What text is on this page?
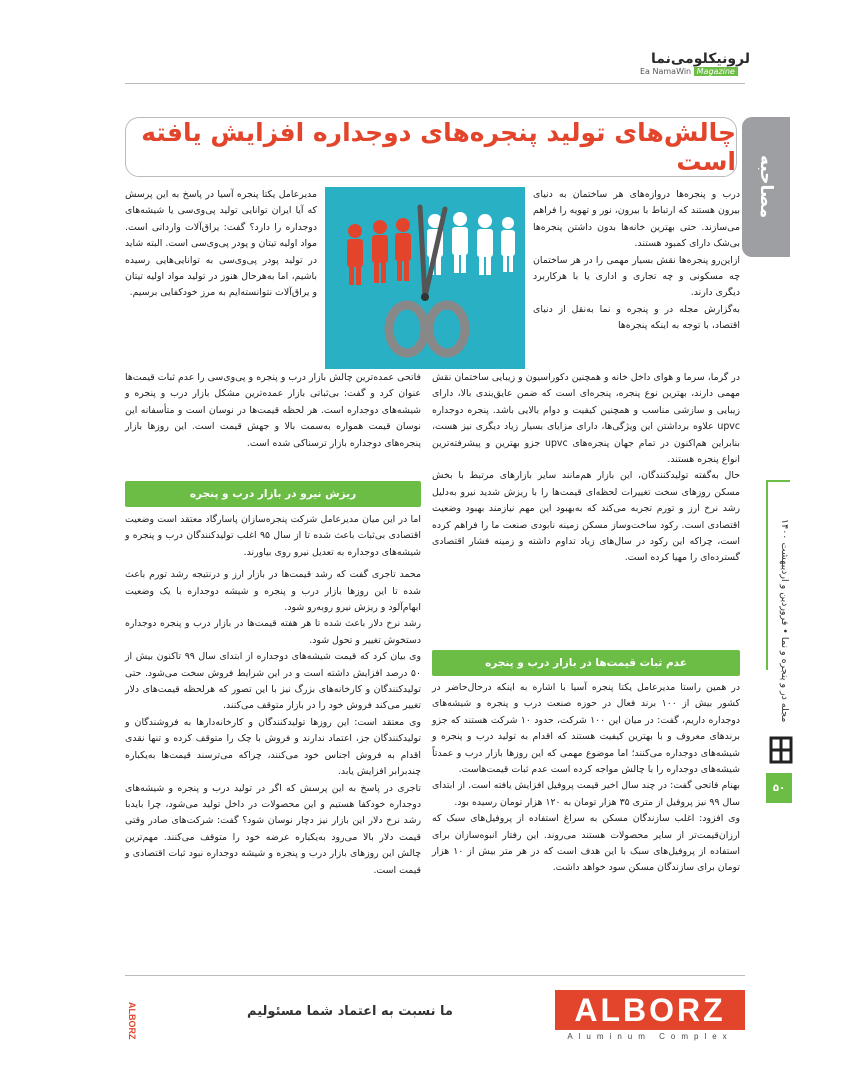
لرونیکلومی‌نما
Ea NamaWin Magazine
مصاحبه
چالش‌های تولید پنجره‌های دوجداره افزایش یافته است

درب و پنجره‌ها دروازه‌های هر ساختمان به دنیای بیرون هستند که ارتباط با بیرون، نور و تهویه را فراهم می‌سازند. حتی بهترین خانه‌ها بدون داشتن پنجره‌ها بی‌شک دارای کمبود هستند.

ازاین‌رو پنجره‌ها نقش بسیار مهمی را در هر ساختمان چه مسکونی و چه تجاری و اداری یا با هرکاربرد دیگری دارند.

به‌گزارش مجله در و پنجره و نما به‌نقل از دنیای اقتصاد، با توجه به اینکه پنجره‌ها

مدیرعامل یکتا پنجره آسیا در پاسخ به این پرسش که آیا ایران توانایی تولید پی‌وی‌سی یا شیشه‌های دوجداره را دارد؟ گفت: یراق‌آلات وارداتی است. مواد اولیه تیتان و پودر پی‌وی‌سی است. البته شاید در تولید پودر پی‌وی‌سی به توانایی‌هایی رسیده باشیم، اما به‌هرحال هنوز در تولید مواد اولیه تیتان و یراق‌آلات نتوانسته‌ایم به مرز خودکفایی برسیم.

در گرما، سرما و هوای داخل خانه و همچنین دکوراسیون و زیبایی ساختمان نقش مهمی دارند، بهترین نوع پنجره، پنجره‌ای است که ضمن عایق‌بندی بالا، دارای زیبایی و سازشی مناسب و همچنین کیفیت و دوام بالایی باشد. پنجره دوجداره upvc علاوه برداشتن این ویژگی‌ها، دارای مزایای بسیار زیاد دیگری نیز هست، بنابراین هم‌اکنون در تمام جهان پنجره‌های upvc جزو بهترین و پیشرفته‌ترین انواع پنجره هستند.

حال به‌گفته تولیدکنندگان، این بازار هم‌مانند سایر بازارهای مرتبط با بخش مسکن روزهای سخت تغییرات لحظه‌ای قیمت‌ها را با ریزش شدید نیرو به‌دلیل رشد نرخ ارز و تورم تجربه می‌کند که به‌بهبود این مهم نیازمند بهبود وضعیت اقتصادی است. رکود ساخت‌وساز مسکن زمینه نابودی صنعت ما را فراهم کرده است، چراکه این رکود در سال‌های زیاد تداوم داشته و زمینه فشار اقتصادی گسترده‌ای را مهیا کرده است.

فاتحی عمده‌ترین چالش بازار درب و پنجره و پی‌وی‌سی را عدم ثبات قیمت‌ها عنوان کرد و گفت: بی‌ثباتی بازار عمده‌ترین مشکل بازار درب و پنجره و شیشه‌های دوجداره است. هر لحظه قیمت‌ها در نوسان است و متأسفانه این نوسان قیمت همواره به‌سمت بالا و جهش قیمت است. این روزها بازار پنجره‌های دوجداره بازار ترسناکی شده است.

ریزش نیرو در بازار درب و پنجره
عدم ثبات قیمت‌ها در بازار درب و پنجره

اما در این میان مدیرعامل شرکت پنجره‌سازان پاسارگاد معتقد است وضعیت اقتصادی بی‌ثبات باعث شده تا از سال ۹۵ اغلب تولیدکنندگان درب و پنجره و شیشه‌های دوجداره به تعدیل نیرو روی بیاورند.

محمد تاجری گفت که رشد قیمت‌ها در بازار ارز و درنتیجه رشد تورم باعث شده تا این روزها بازار درب و پنجره و شیشه دوجداره با یک وضعیت ابهام‌آلود و ریزش نیرو روبه‌رو شود.

رشد نرخ دلار باعث شده تا هر هفته قیمت‌ها در بازار درب و پنجره دوجداره دستخوش تغییر و تحول شود.

وی بیان کرد که قیمت شیشه‌های دوجداره از ابتدای سال ۹۹ تاکنون بیش از ۵۰ درصد افزایش داشته است و در این شرایط فروش سخت می‌شود. حتی تولیدکنندگان و کارخانه‌های بزرگ نیز با این تصور که هرلحظه قیمت‌های دلار تغییر می‌کند فروش خود را در بازار متوقف می‌کنند.

وی معتقد است: این روزها تولیدکنندگان و کارخانه‌دارها به فروشندگان و تولیدکنندگان جز، اعتماد ندارند و فروش با چک را متوقف کرده و تنها نقدی اقدام به فروش اجناس خود می‌کنند، چراکه می‌ترسند قیمت‌ها به‌یکباره چندبرابر افزایش یابد.

تاجری در پاسخ به این پرسش که اگر در تولید درب و پنجره و شیشه‌های دوجداره خودکفا هستیم و این محصولات در داخل تولید می‌شود، چرا بایدبا رشد نرخ دلار این بازار نیز دچار نوسان شود؟ گفت: شرکت‌های صادر وقتی قیمت دلار بالا می‌رود به‌یکباره عرضه خود را متوقف می‌کنند. مهم‌ترین چالش این روزهای بازار درب و پنجره و شیشه دوجداره نبود ثبات اقتصادی و قیمت است.

در همین راستا مدیرعامل یکتا پنجره آسیا با اشاره به اینکه درحال‌حاضر در کشور بیش از ۱۰۰ برند فعال در حوزه صنعت درب و پنجره و شیشه‌های دوجداره داریم، گفت: در میان این ۱۰۰ شرکت، حدود ۱۰ شرکت هستند که جزو برندهای معروف و با بهترین کیفیت هستند که اقدام به تولید درب و پنجره و شیشه‌های دوجداره می‌کنند؛ اما موضوع مهمی که این روزها بازار درب و عمدتاً شیشه‌های دوجداره را با چالش مواجه کرده است عدم ثبات قیمت‌هاست.

بهنام فاتحی گفت: در چند سال اخیر قیمت پروفیل افزایش یافته است. از ابتدای سال ۹۹ نیز پروفیل از متری ۳۵ هزار تومان به ۱۲۰ هزار تومان رسیده بود.

وی افزود: اغلب سازندگان مسکن به سراغ استفاده از پروفیل‌های سبک که ارزان‌قیمت‌تر از سایر محصولات هستند می‌روند. این رفتار انبوه‌سازان برای استفاده از پروفیل‌های سبک با این هدف است که در هر متر بیش از ۱۰ هزار تومان برای سازندگان مسکن سود خواهد داشت.

مجله در و پنجره و نما • فروردین و اردیبهشت ۱۴۰۰
۵۰
ALBORZ	ما نسبت به اعتماد شما مسئولیم	ALBORZ
Aluminum Complex
